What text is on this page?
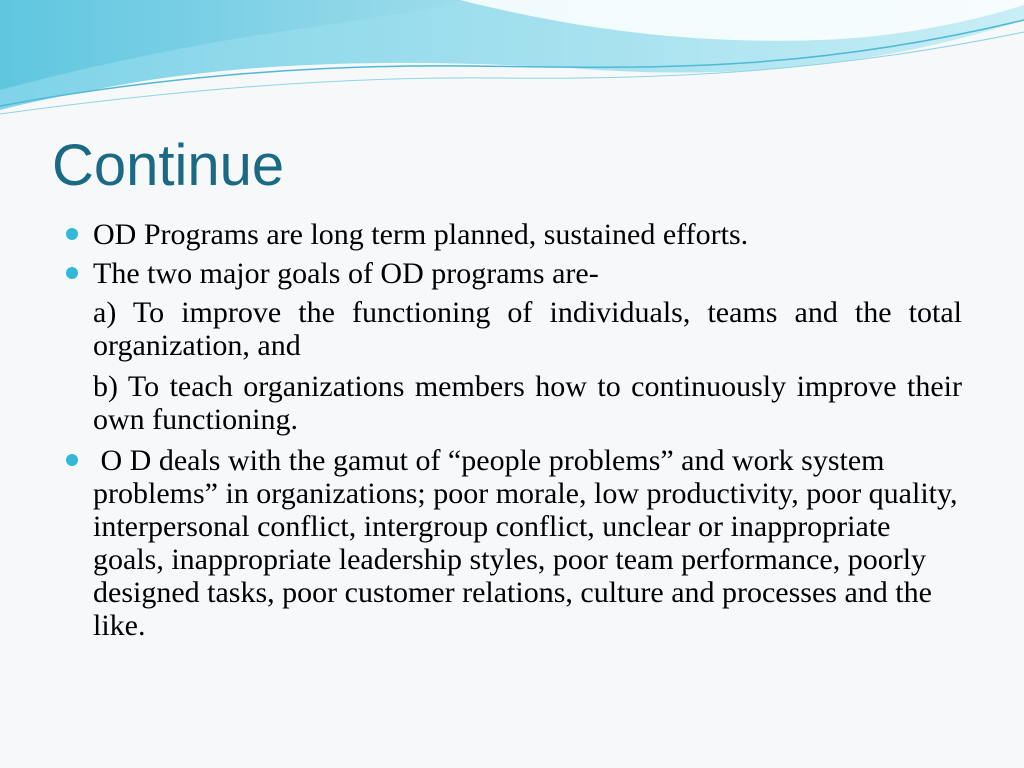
Continue
OD Programs are long term planned, sustained efforts.
The two major goals of OD programs are-
a) To improve the functioning of individuals, teams and the total organization, and
b) To teach organizations members how to continuously improve their own functioning.
O D deals with the gamut of “people problems” and work system problems” in organizations; poor morale, low productivity, poor quality, interpersonal conflict, intergroup conflict, unclear or inappropriate goals, inappropriate leadership styles, poor team performance, poorly designed tasks, poor customer relations, culture and processes and the like.
